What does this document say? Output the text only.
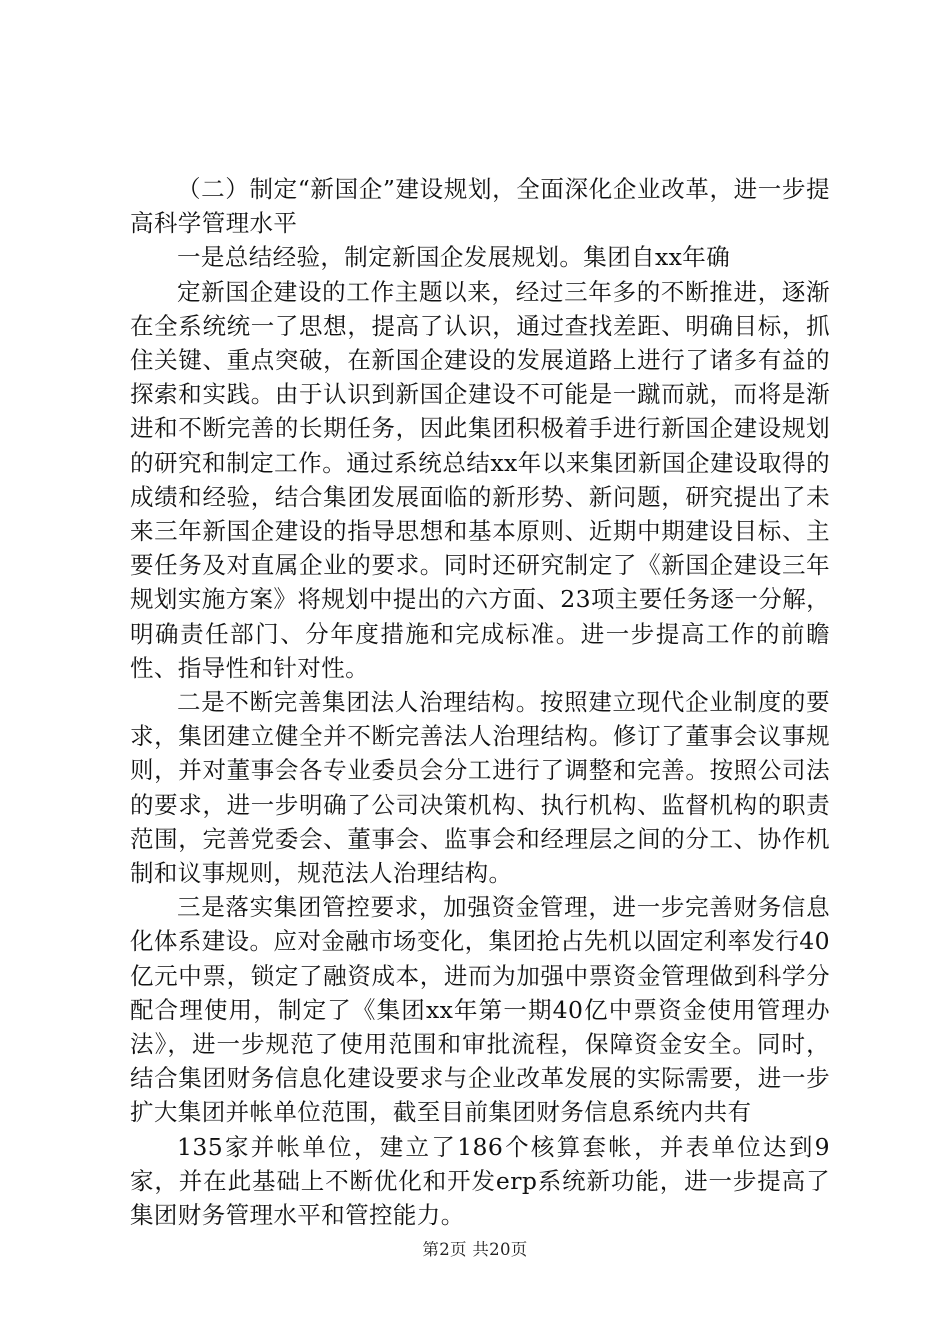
（二）制定“新国企”建设规划，全面深化企业改革，进一步提高科学管理水平

一是总结经验，制定新国企发展规划。集团自xx年确

定新国企建设的工作主题以来，经过三年多的不断推进，逐渐在全系统统一了思想，提高了认识，通过查找差距、明确目标，抓住关键、重点突破，在新国企建设的发展道路上进行了诸多有益的探索和实践。由于认识到新国企建设不可能是一蹴而就，而将是渐进和不断完善的长期任务，因此集团积极着手进行新国企建设规划的研究和制定工作。通过系统总结xx年以来集团新国企建设取得的成绩和经验，结合集团发展面临的新形势、新问题，研究提出了未来三年新国企建设的指导思想和基本原则、近期中期建设目标、主要任务及对直属企业的要求。同时还研究制定了《新国企建设三年规划实施方案》将规划中提出的六方面、23项主要任务逐一分解，明确责任部门、分年度措施和完成标准。进一步提高工作的前瞻性、指导性和针对性。

二是不断完善集团法人治理结构。按照建立现代企业制度的要求，集团建立健全并不断完善法人治理结构。修订了董事会议事规则，并对董事会各专业委员会分工进行了调整和完善。按照公司法的要求，进一步明确了公司决策机构、执行机构、监督机构的职责范围，完善党委会、董事会、监事会和经理层之间的分工、协作机制和议事规则，规范法人治理结构。

三是落实集团管控要求，加强资金管理，进一步完善财务信息化体系建设。应对金融市场变化，集团抢占先机以固定利率发行40亿元中票，锁定了融资成本，进而为加强中票资金管理做到科学分配合理使用，制定了《集团xx年第一期40亿中票资金使用管理办法》，进一步规范了使用范围和审批流程，保障资金安全。同时，结合集团财务信息化建设要求与企业改革发展的实际需要，进一步扩大集团并帐单位范围，截至目前集团财务信息系统内共有

135家并帐单位，建立了186个核算套帐，并表单位达到9家，并在此基础上不断优化和开发erp系统新功能，进一步提高了集团财务管理水平和管控能力。

第2页 共20页
